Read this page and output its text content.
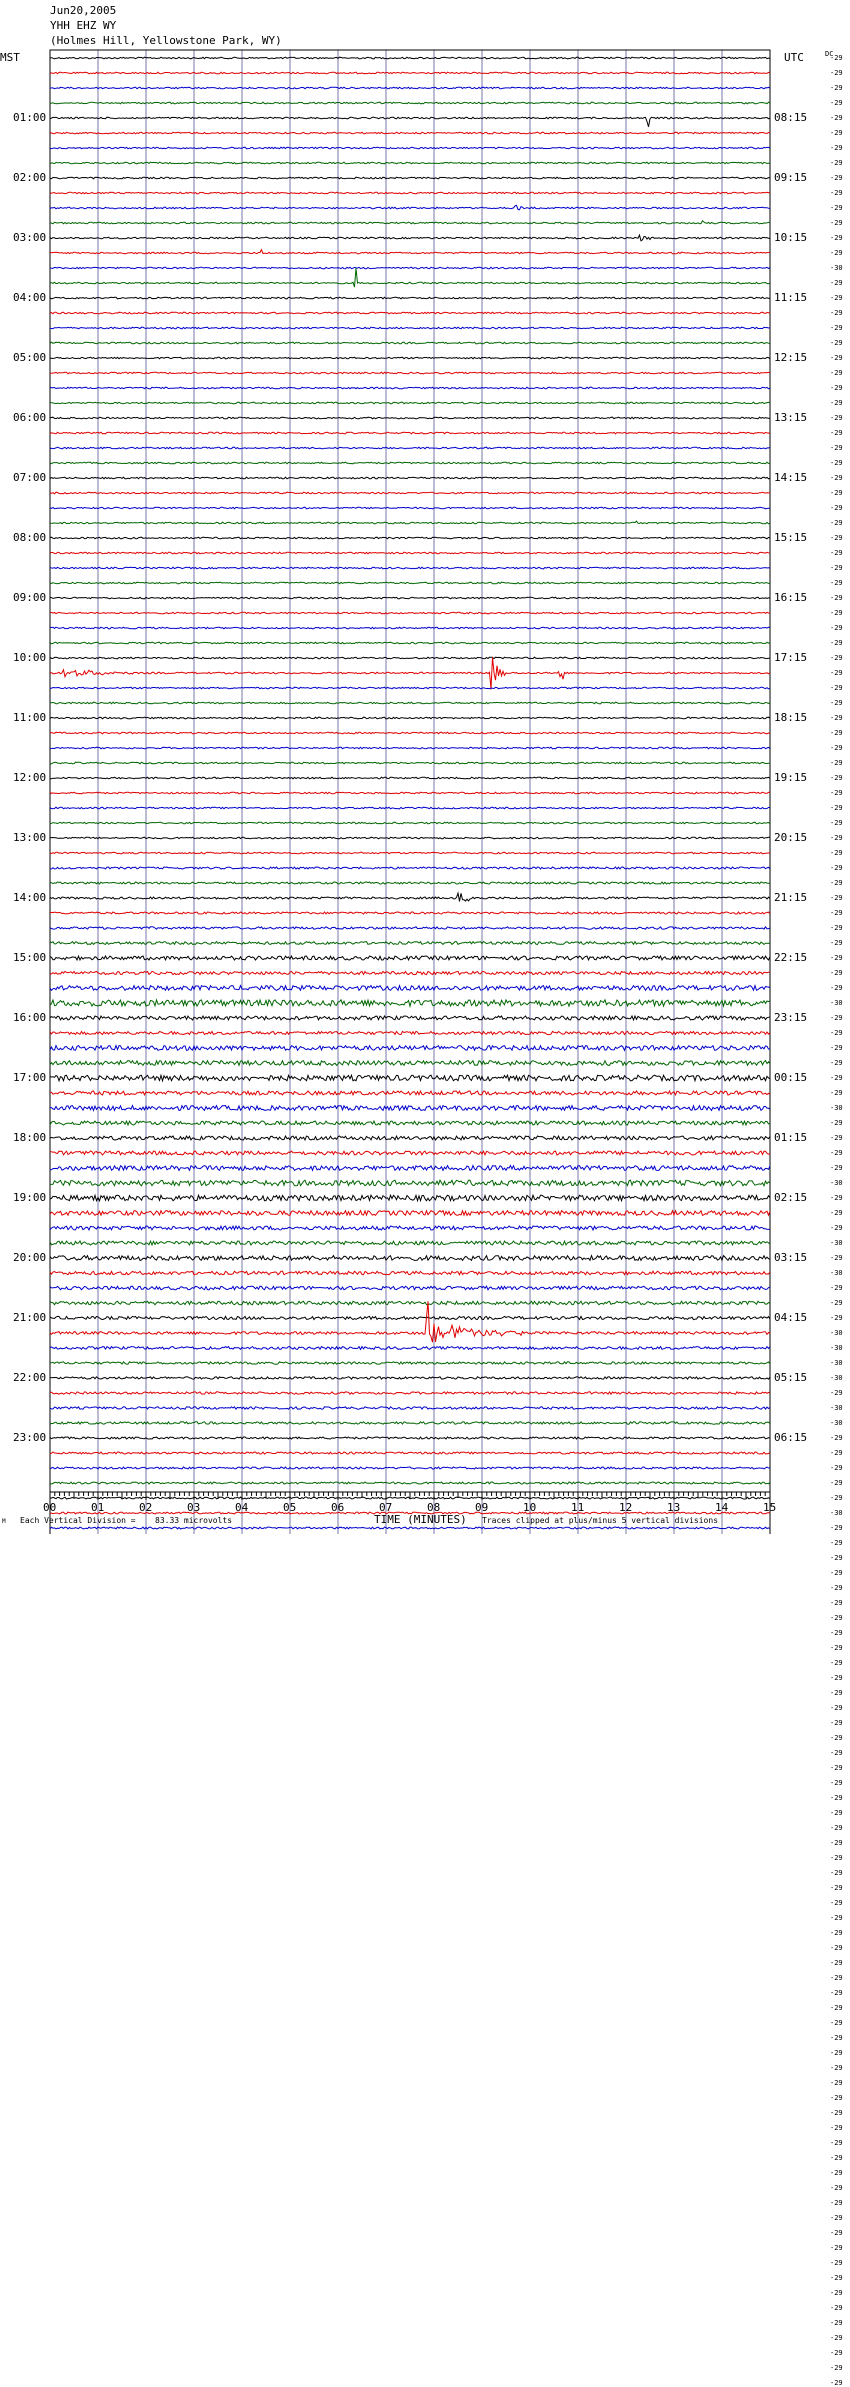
Jun20,2005
YHH EHZ WY
(Holmes Hill, Yellowstone Park, WY)
MST	UTC	DC
01:00
02:00
03:00
04:00
05:00
06:00
07:00
08:00
09:00
10:00
11:00
12:00
13:00
14:00
15:00
16:00
17:00
18:00
19:00
20:00
21:00
22:00
23:00
08:15
09:15
10:15
11:15
12:15
13:15
14:15
15:15
16:15
17:15
18:15
19:15
20:15
21:15
22:15
23:15
00:15
01:15
02:15
03:15
04:15
05:15
06:15
-29
-29
-29
-29
-29
-29
-29
-29
-29
-29
-29
-29
-29
-29
-30
-29
-29
-29
-29
-29
-29
-29
-29
-29
-29
-29
-29
-29
-29
-29
-29
-29
-29
-29
-29
-29
-29
-29
-29
-29
-29
-29
-29
-29
-29
-29
-29
-29
-29
-29
-29
-29
-29
-29
-29
-29
-29
-29
-29
-29
-29
-29
-29
-30
-29
-29
-29
-29
-29
-29
-30
-29
-29
-29
-29
-30
-29
-29
-29
-30
-29
-30
-29
-29
-29
-30
-30
-30
-30
-29
-30
-30
-29
-29
-29
-29
-29
-30
-29
-29
-29
-29
-29
-29
-29
-29
-29
-29
-29
-29
-29
-29
-29
-29
-29
-29
-29
-29
-29
-29
-29
-29
-29
-29
-29
-29
-29
-29
-29
-29
-29
-29
-29
-29
-29
-29
-29
-29
-29
-29
-29
-29
-29
-29
-29
-29
-29
-29
-29
-29
-29
-29
-29
-29
-29
-29
00	01	02	03	04	05	06	07	08	09	10	11	12	13	14	15
M Each Vertical Division = 83.33 microvolts	TIME (MINUTES) Traces clipped at plus/minus 5 vertical divisions
